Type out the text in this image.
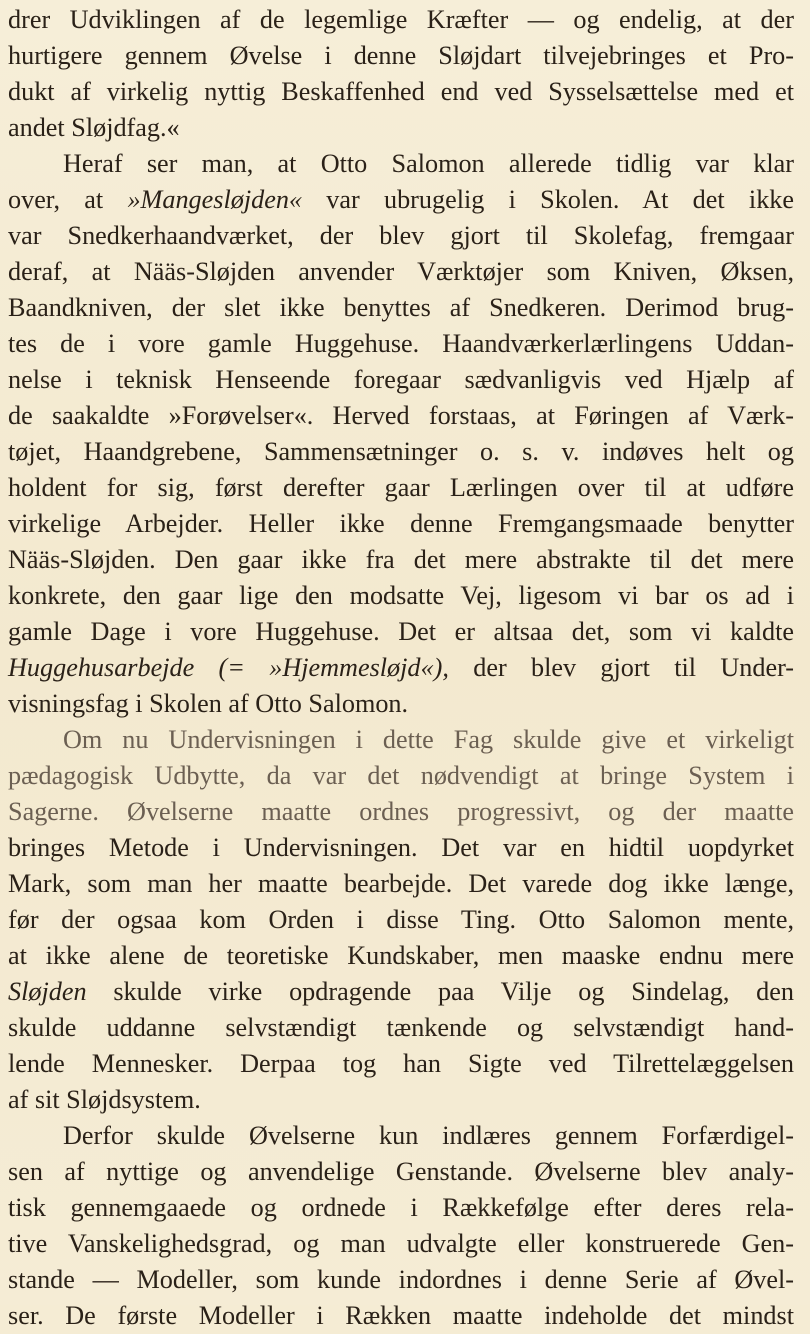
drer Udviklingen af de legemlige Kræfter — og endelig, at der
hurtigere gennem Øvelse i denne Sløjdart tilvejebringes et Pro-
dukt af virkelig nyttig Beskaffenhed end ved Sysselsættelse med et
andet Sløjdfag.«
Heraf ser man, at Otto Salomon allerede tidlig var klar
over, at »Mangesløjden« var ubrugelig i Skolen. At det ikke
var Snedkerhaandværket, der blev gjort til Skolefag, fremgaar
deraf, at Nääs-Sløjden anvender Værktøjer som Kniven, Øksen,
Baandkniven, der slet ikke benyttes af Snedkeren. Derimod brug-
tes de i vore gamle Huggehuse. Haandværkerlærlingens Uddan-
nelse i teknisk Henseende foregaar sædvanligvis ved Hjælp af
de saakaldte »Forøvelser«. Herved forstaas, at Føringen af Værk-
tøjet, Haandgrebene, Sammensætninger o. s. v. indøves helt og
holdent for sig, først derefter gaar Lærlingen over til at udføre
virkelige Arbejder. Heller ikke denne Fremgangsmaade benytter
Nääs-Sløjden. Den gaar ikke fra det mere abstrakte til det mere
konkrete, den gaar lige den modsatte Vej, ligesom vi bar os ad i
gamle Dage i vore Huggehuse. Det er altsaa det, som vi kaldte
Huggehusarbejde (= »Hjemmesløjd«), der blev gjort til Under-
visningsfag i Skolen af Otto Salomon.
Om nu Undervisningen i dette Fag skulde give et virkeligt
pædagogisk Udbytte, da var det nødvendigt at bringe System i
Sagerne. Øvelserne maatte ordnes progressivt, og der maatte
bringes Metode i Undervisningen. Det var en hidtil uopdyrket
Mark, som man her maatte bearbejde. Det varede dog ikke længe,
før der ogsaa kom Orden i disse Ting. Otto Salomon mente,
at ikke alene de teoretiske Kundskaber, men maaske endnu mere
Sløjden skulde virke opdragende paa Vilje og Sindelag, den
skulde uddanne selvstændigt tænkende og selvstændigt hand-
lende Mennesker. Derpaa tog han Sigte ved Tilrettelæggelsen
af sit Sløjdsystem.
Derfor skulde Øvelserne kun indlæres gennem Forfærdigel-
sen af nyttige og anvendelige Genstande. Øvelserne blev analy-
tisk gennemgaaede og ordnede i Rækkefølge efter deres rela-
tive Vanskelighedsgrad, og man udvalgte eller konstruerede Gen-
stande — Modeller, som kunde indordnes i denne Serie af Øvel-
ser. De første Modeller i Rækken maatte indeholde det mindst
